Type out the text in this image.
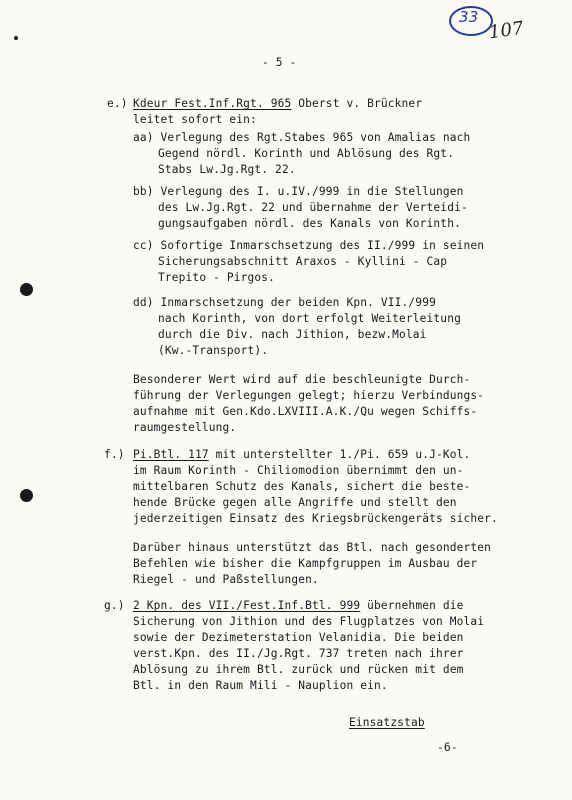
33
107
- 5 -
e.) Kdeur Fest.Inf.Rgt. 965 Oberst v. Brückner
leitet sofort ein:
aa) Verlegung des Rgt.Stabes 965 von Amalias nach
Gegend nördl. Korinth und Ablösung des Rgt.
Stabs Lw.Jg.Rgt. 22.
bb) Verlegung des I. u.IV./999 in die Stellungen
des Lw.Jg.Rgt. 22 und übernahme der Verteidi-
gungsaufgaben nördl. des Kanals von Korinth.
cc) Sofortige Inmarschsetzung des II./999 in seinen
Sicherungsabschnitt Araxos - Kyllini - Cap
Trepito - Pirgos.
dd) Inmarschsetzung der beiden Kpn. VII./999
nach Korinth, von dort erfolgt Weiterleitung
durch die Div. nach Jithion, bezw.Molai
(Kw.-Transport).
Besonderer Wert wird auf die beschleunigte Durch-
führung der Verlegungen gelegt; hierzu Verbindungs-
aufnahme mit Gen.Kdo.LXVIII.A.K./Qu wegen Schiffs-
raumgestellung.
f.) Pi.Btl. 117 mit unterstellter 1./Pi. 659 u.J-Kol.
im Raum Korinth - Chiliomodion übernimmt den un-
mittelbaren Schutz des Kanals, sichert die beste-
hende Brücke gegen alle Angriffe und stellt den
jederzeitigen Einsatz des Kriegsbrückengeräts sicher.
Darüber hinaus unterstützt das Btl. nach gesonderten
Befehlen wie bisher die Kampfgruppen im Ausbau der
Riegel - und Paßstellungen.
g.) 2 Kpn. des VII./Fest.Inf.Btl. 999 übernehmen die
Sicherung von Jithion und des Flugplatzes von Molai
sowie der Dezimeterstation Velanidia. Die beiden
verst.Kpn. des II./Jg.Rgt. 737 treten nach ihrer
Ablösung zu ihrem Btl. zurück und rücken mit dem
Btl. in den Raum Mili - Nauplion ein.
Einsatzstab
-6-
